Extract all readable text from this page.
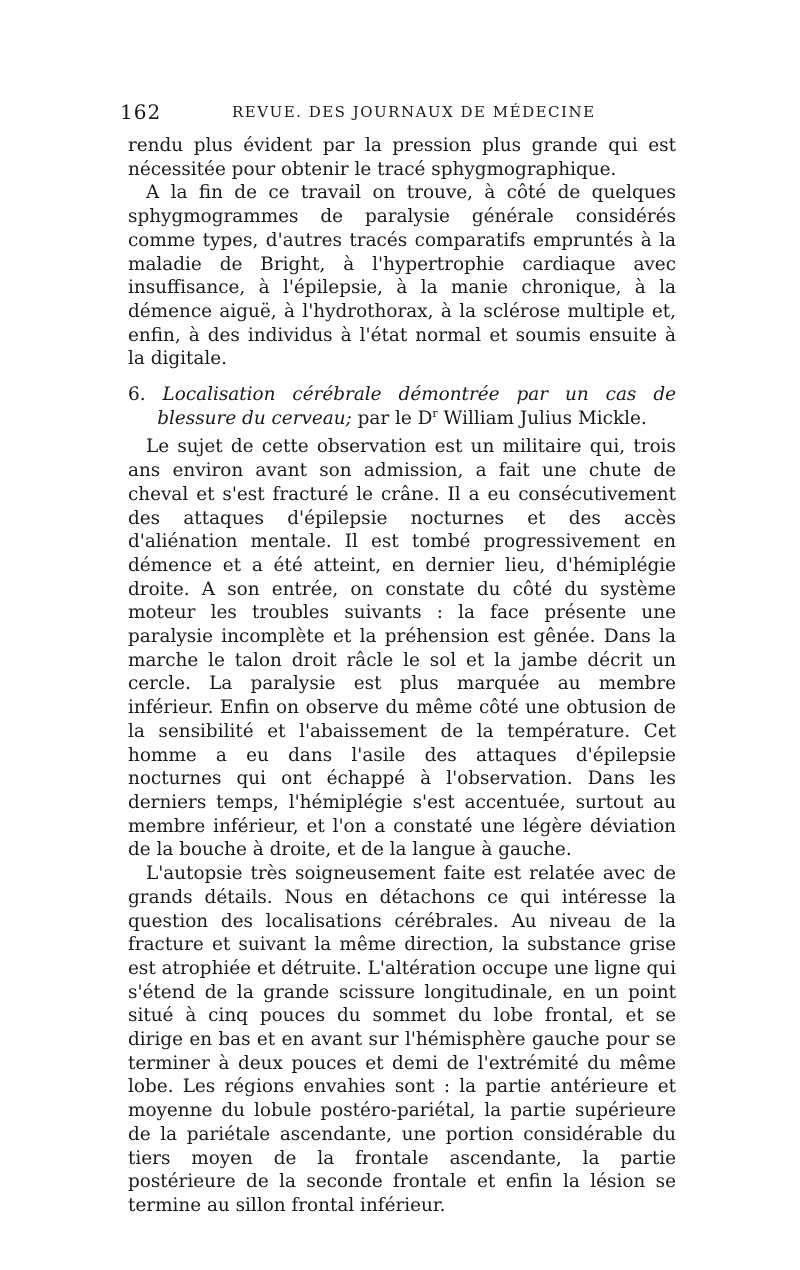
162	REVUE. DES JOURNAUX DE MÉDECINE

rendu plus évident par la pression plus grande qui est nécessitée pour obtenir le tracé sphygmographique.

A la fin de ce travail on trouve, à côté de quelques sphygmogrammes de paralysie générale considérés comme types, d'autres tracés comparatifs empruntés à la maladie de Bright, à l'hypertrophie cardiaque avec insuffisance, à l'épilepsie, à la manie chronique, à la démence aiguë, à l'hydrothorax, à la sclérose multiple et, enfin, à des individus à l'état normal et soumis ensuite à la digitale.

6. Localisation cérébrale démontrée par un cas de blessure du cerveau; par le $D^r$ William Julius Mickle.

Le sujet de cette observation est un militaire qui, trois ans environ avant son admission, a fait une chute de cheval et s'est fracturé le crâne. Il a eu consécutivement des attaques d'épilepsie nocturnes et des accès d'aliénation mentale. Il est tombé progressivement en démence et a été atteint, en dernier lieu, d'hémiplégie droite. A son entrée, on constate du côté du système moteur les troubles suivants : la face présente une paralysie incomplète et la préhension est gênée. Dans la marche le talon droit râcle le sol et la jambe décrit un cercle. La paralysie est plus marquée au membre inférieur. Enfin on observe du même côté une obtusion de la sensibilité et l'abaissement de la température. Cet homme a eu dans l'asile des attaques d'épilepsie nocturnes qui ont échappé à l'observation. Dans les derniers temps, l'hémiplégie s'est accentuée, surtout au membre inférieur, et l'on a constaté une légère déviation de la bouche à droite, et de la langue à gauche.

L'autopsie très soigneusement faite est relatée avec de grands détails. Nous en détachons ce qui intéresse la question des localisations cérébrales. Au niveau de la fracture et suivant la même direction, la substance grise est atrophiée et détruite. L'altération occupe une ligne qui s'étend de la grande scissure longitudinale, en un point situé à cinq pouces du sommet du lobe frontal, et se dirige en bas et en avant sur l'hémisphère gauche pour se terminer à deux pouces et demi de l'extrémité du même lobe. Les régions envahies sont : la partie antérieure et moyenne du lobule postéro-pariétal, la partie supérieure de la pariétale ascendante, une portion considérable du tiers moyen de la frontale ascendante, la partie postérieure de la seconde frontale et enfin la lésion se termine au sillon frontal inférieur.
